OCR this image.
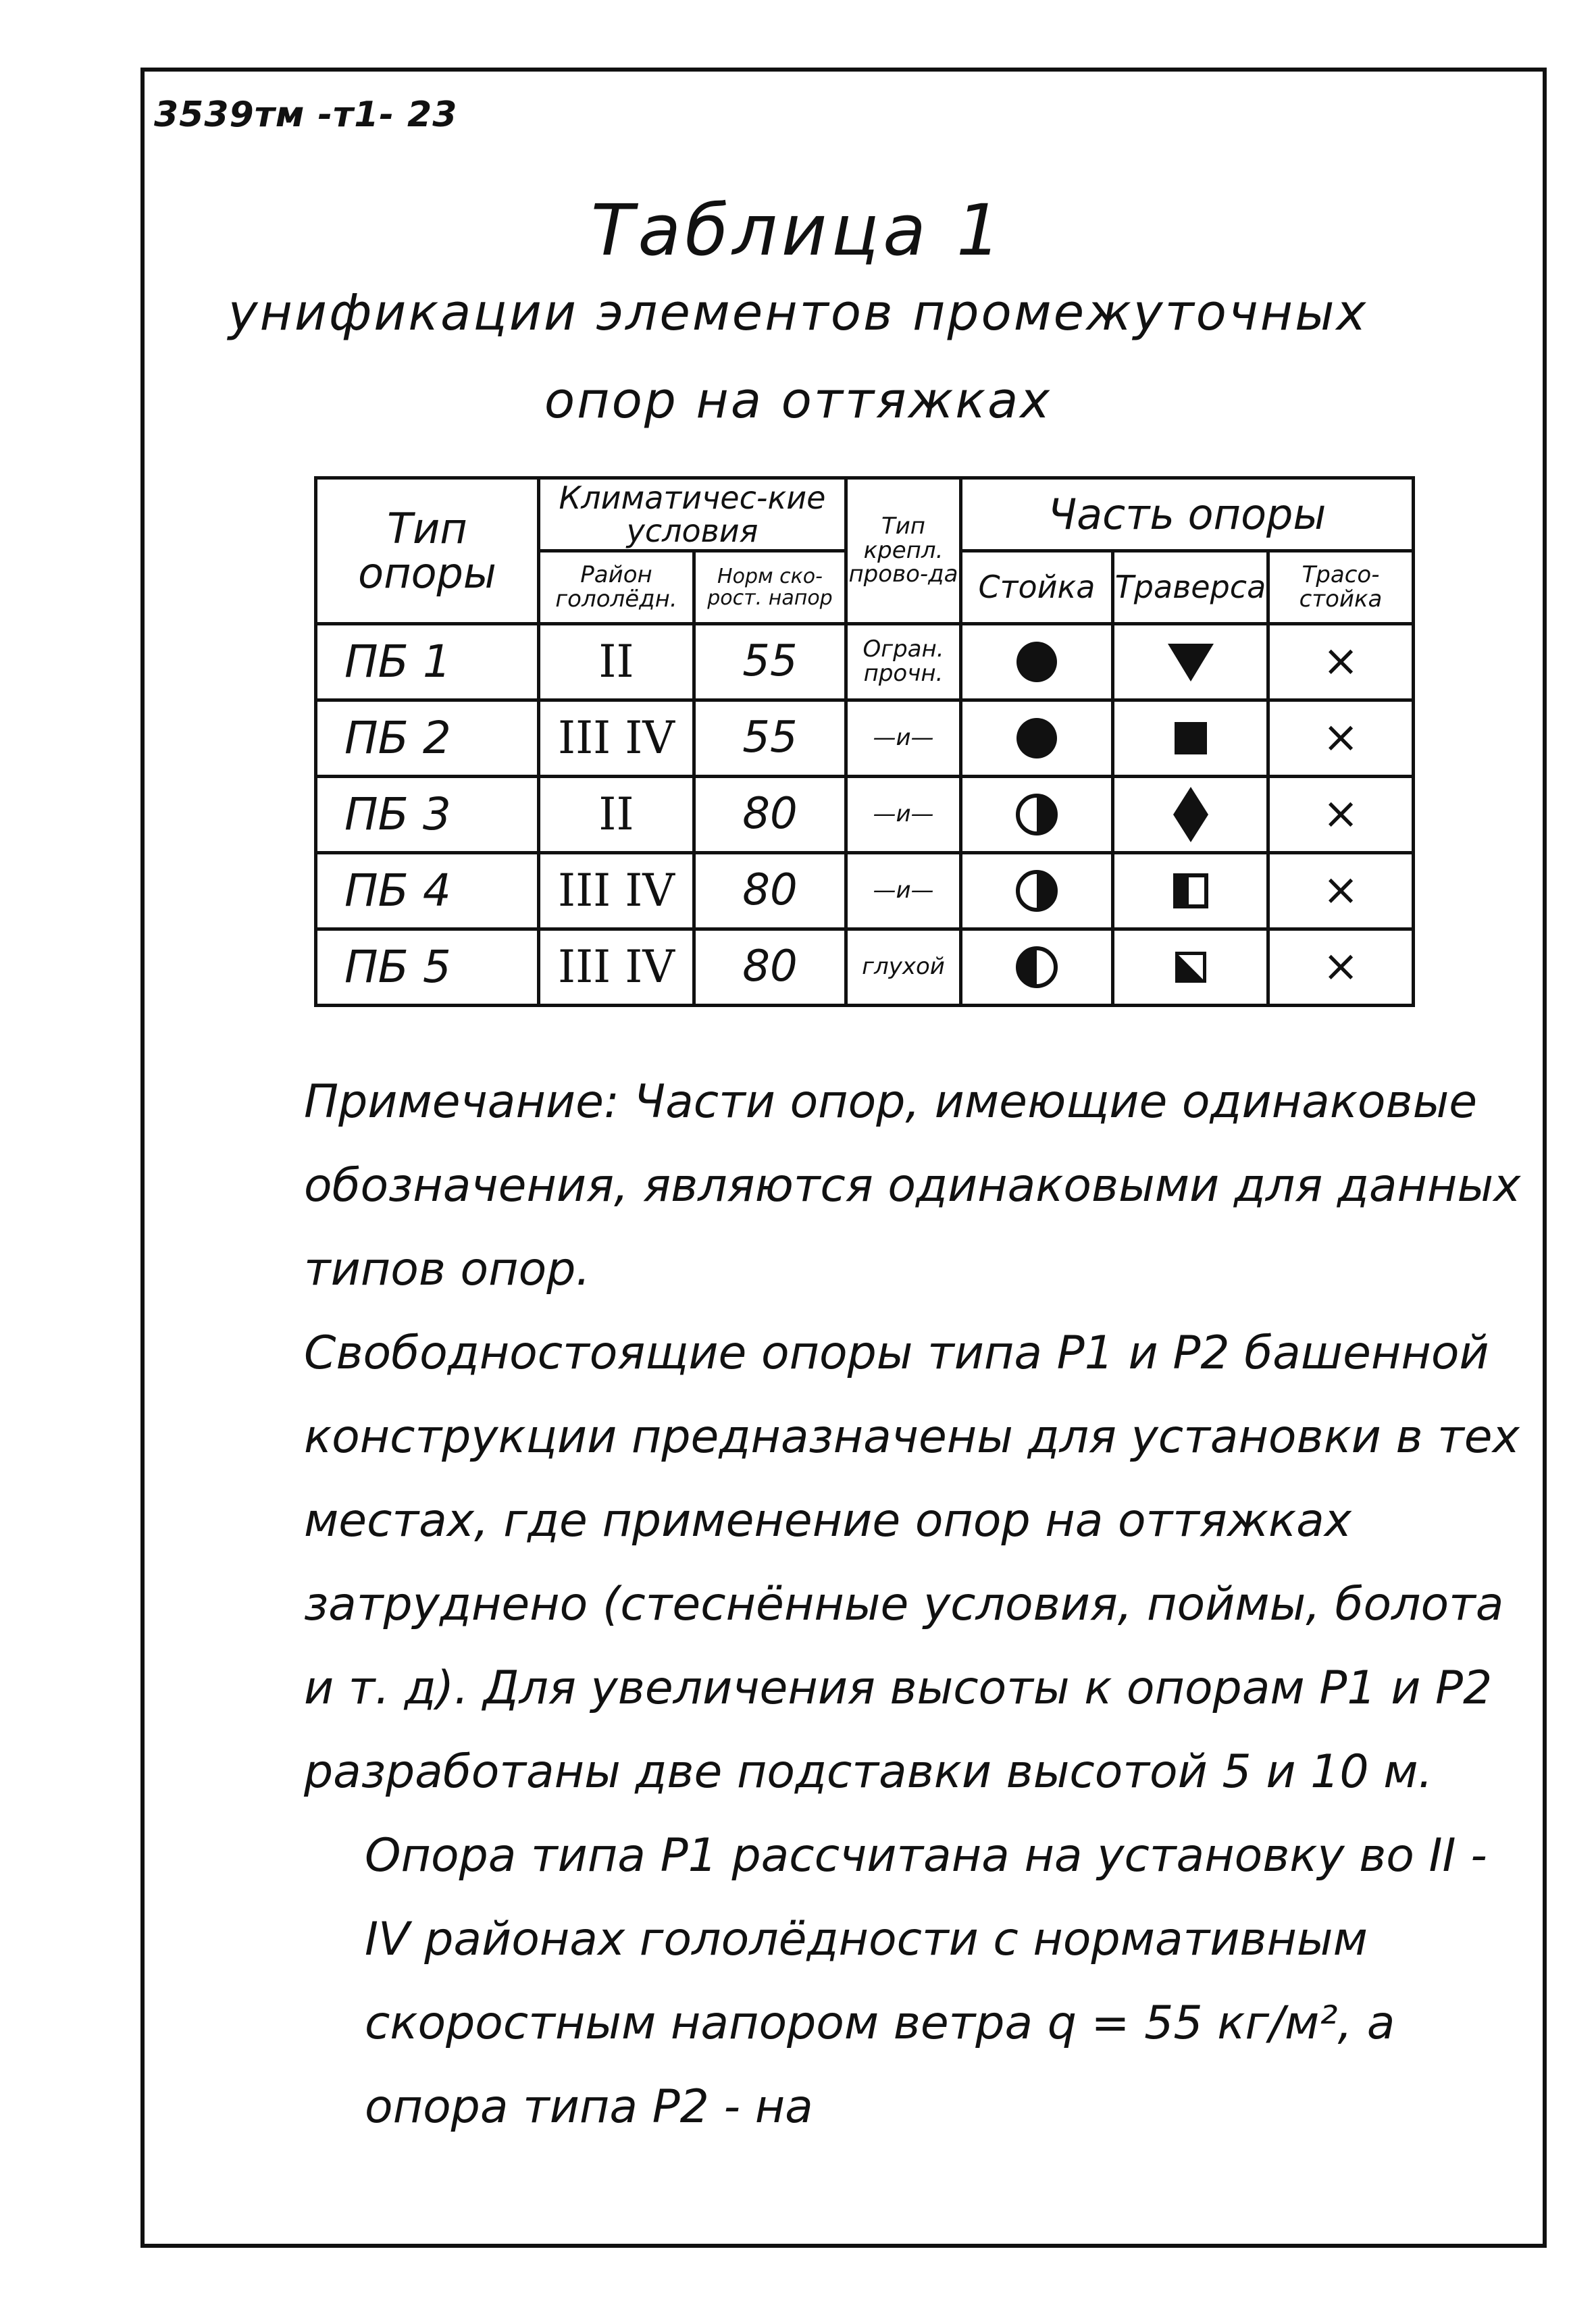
3539тм -т1- 23
Таблица 1
унификации элементов промежуточных
опор на оттяжках
Тип опоры	Климатичес-кие условия		Тип крепл. прово-да	Часть опоры		
	Район гололёдн.	Норм ско-рост. напор		Стойка	Траверса	Трасо-стойка
ПБ 1	II	55	Огран. прочн.			×
ПБ 2	III IV	55	—и—			×
ПБ 3	II	80	—и—			×
ПБ 4	III IV	80	—и—			×
ПБ 5	III IV	80	глухой			×

Примечание: Части опор, имеющие одинаковые обозначения, являются одинаковыми для данных типов опор.

Свободностоящие опоры типа Р1 и Р2 башенной конструкции предназначены для установки в тех местах, где применение опор на оттяжках затруднено (стеснённые условия, поймы, болота и т. д). Для увеличения высоты к опорам Р1 и Р2 разработаны две подставки высотой 5 и 10 м.

Опора типа Р1 рассчитана на установку во II - IV районах гололёдности с нормативным скоростным напором ветра q = 55 кг/м², а опора типа Р2 - на
